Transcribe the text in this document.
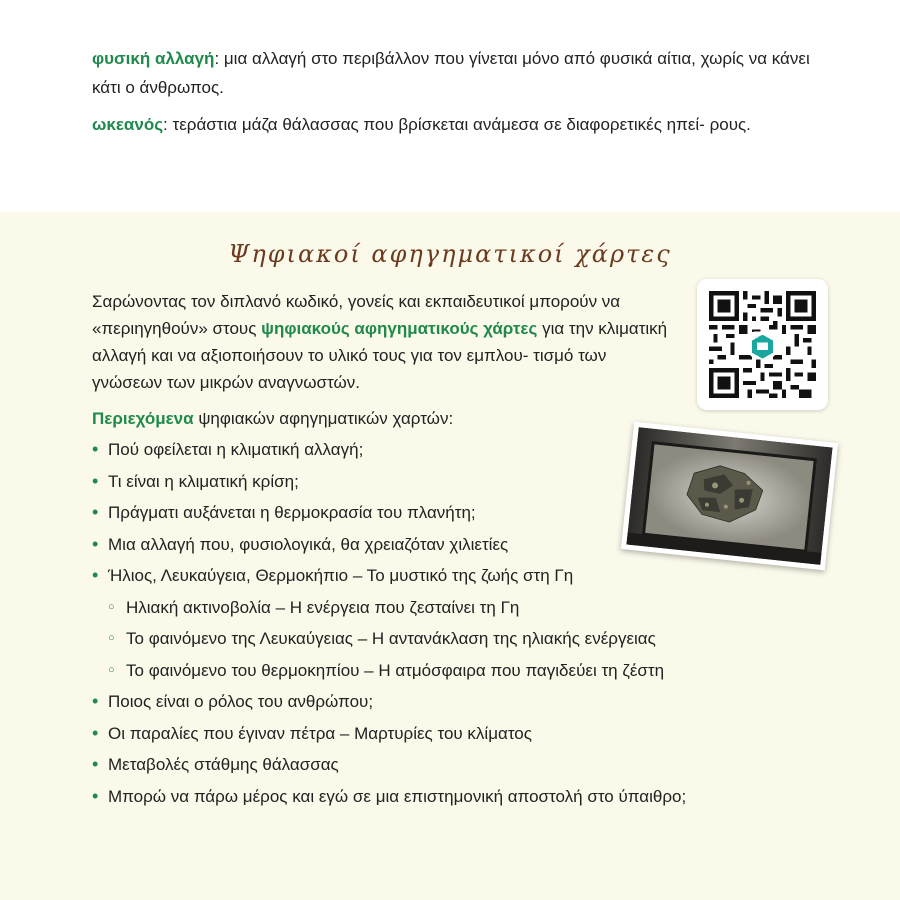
φυσική αλλαγή: μια αλλαγή στο περιβάλλον που γίνεται μόνο από φυσικά αίτια, χωρίς να κάνει κάτι ο άνθρωπος.

ωκεανός: τεράστια μάζα θάλασσας που βρίσκεται ανάμεσα σε διαφορετικές ηπεί- ρους.

Ψηφιακοί αφηγηματικοί χάρτες

Σαρώνοντας τον διπλανό κωδικό, γονείς και εκπαιδευτικοί μπορούν να «περιηγηθούν» στους ψηφιακούς αφηγηματικούς χάρτες για την κλιματική αλλαγή και να αξιοποιήσουν το υλικό τους για τον εμπλου- τισμό των γνώσεων των μικρών αναγνωστών.

Περιεχόμενα ψηφιακών αφηγηματικών χαρτών:

• Πού οφείλεται η κλιματική αλλαγή;
• Τι είναι η κλιματική κρίση;
• Πράγματι αυξάνεται η θερμοκρασία του πλανήτη;
• Μια αλλαγή που, φυσιολογικά, θα χρειαζόταν χιλιετίες
• Ήλιος, Λευκαύγεια, Θερμοκήπιο – Το μυστικό της ζωής στη Γη
○ Ηλιακή ακτινοβολία – Η ενέργεια που ζεσταίνει τη Γη
○ Το φαινόμενο της Λευκαύγειας – Η αντανάκλαση της ηλιακής ενέργειας
○ Το φαινόμενο του θερμοκηπίου – Η ατμόσφαιρα που παγιδεύει τη ζέστη
• Ποιος είναι ο ρόλος του ανθρώπου;
• Οι παραλίες που έγιναν πέτρα – Μαρτυρίες του κλίματος
• Μεταβολές στάθμης θάλασσας
• Μπορώ να πάρω μέρος και εγώ σε μια επιστημονική αποστολή στο ύπαιθρο;
